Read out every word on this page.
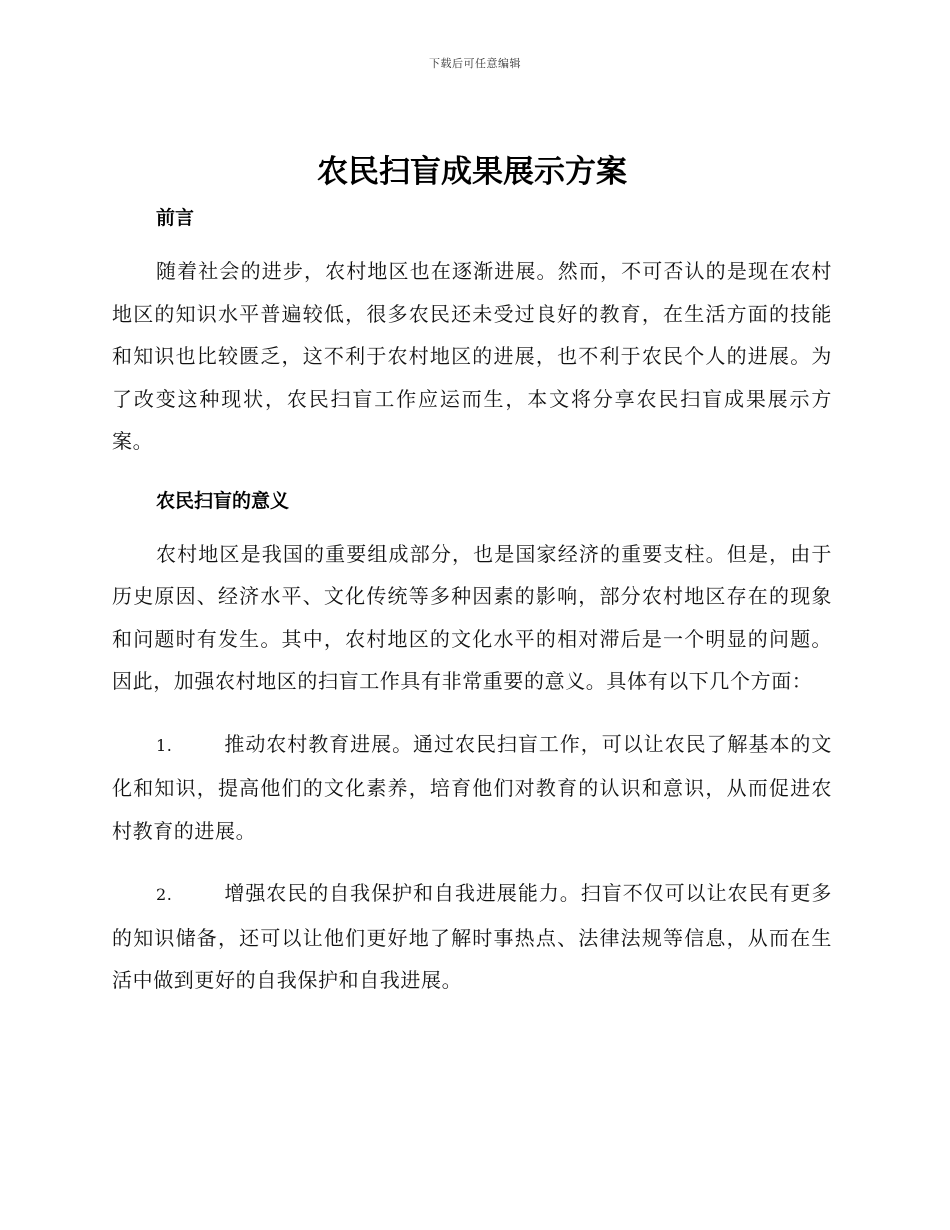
下载后可任意编辑
农民扫盲成果展示方案
前言

随着社会的进步，农村地区也在逐渐进展。然而，不可否认的是现在农村地区的知识水平普遍较低，很多农民还未受过良好的教育，在生活方面的技能和知识也比较匮乏，这不利于农村地区的进展，也不利于农民个人的进展。为了改变这种现状，农民扫盲工作应运而生，本文将分享农民扫盲成果展示方案。

农民扫盲的意义

农村地区是我国的重要组成部分，也是国家经济的重要支柱。但是，由于历史原因、经济水平、文化传统等多种因素的影响，部分农村地区存在的现象和问题时有发生。其中，农村地区的文化水平的相对滞后是一个明显的问题。因此，加强农村地区的扫盲工作具有非常重要的意义。具体有以下几个方面：

1.	推动农村教育进展。通过农民扫盲工作，可以让农民了解基本的文化和知识，提高他们的文化素养，培育他们对教育的认识和意识，从而促进农村教育的进展。

2.	增强农民的自我保护和自我进展能力。扫盲不仅可以让农民有更多的知识储备，还可以让他们更好地了解时事热点、法律法规等信息，从而在生活中做到更好的自我保护和自我进展。
